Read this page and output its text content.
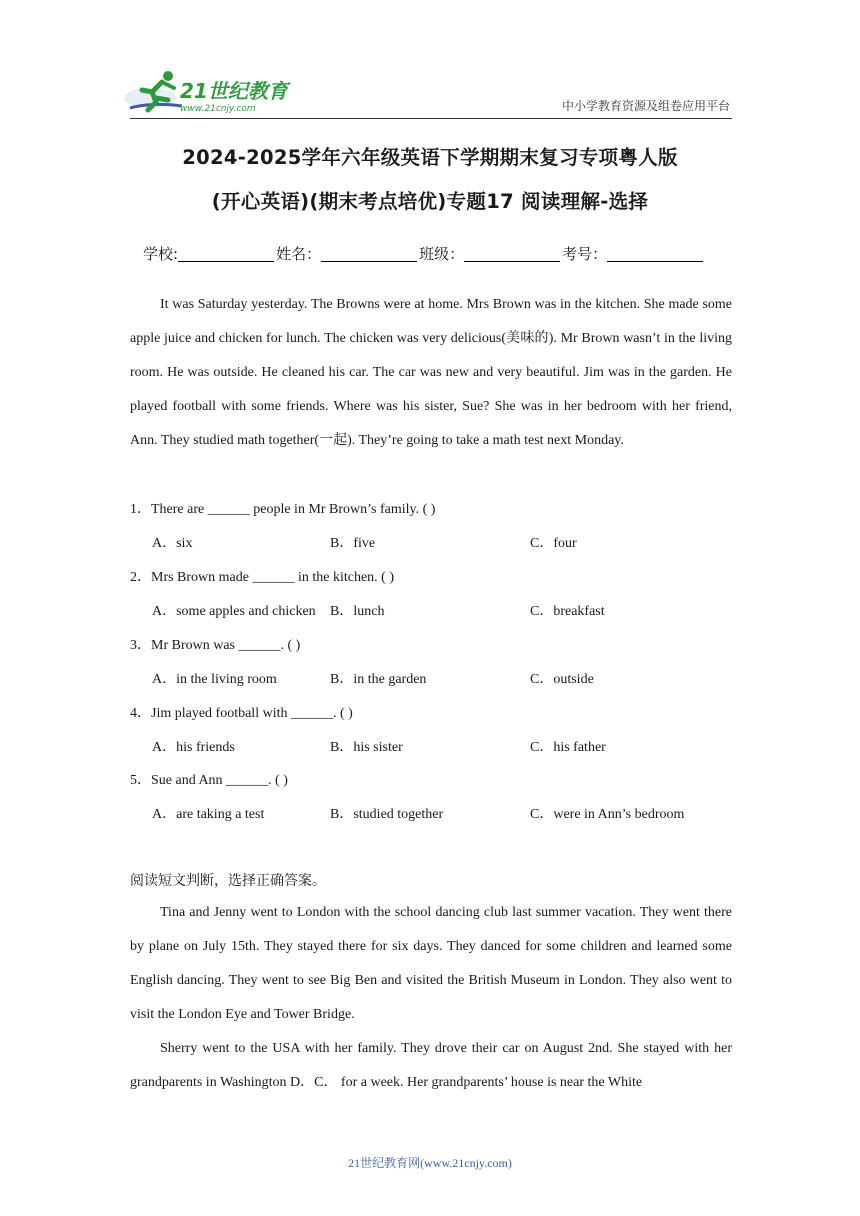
21世纪教育
www.21cnjy.com	中小学教育资源及组卷应用平台
2024-2025学年六年级英语下学期期末复习专项粤人版
(开心英语)(期末考点培优)专题17 阅读理解-选择
学校:	姓名：	班级：	考号：

It was Saturday yesterday. The Browns were at home. Mrs Brown was in the kitchen. She made some apple juice and chicken for lunch. The chicken was very delicious(美味的). Mr Brown wasn’t in the living room. He was outside. He cleaned his car. The car was new and very beautiful. Jim was in the garden. He played football with some friends. Where was his sister, Sue? She was in her bedroom with her friend, Ann. They studied math together(一起). They’re going to take a math test next Monday.

1．There are ______ people in Mr Brown’s family. ( )
A．six	B．five	C．four
2．Mrs Brown made ______ in the kitchen. ( )
A．some apples and chicken B．lunch	C．breakfast
3．Mr Brown was ______. ( )
A．in the living room	B．in the garden	C．outside
4．Jim played football with ______. ( )
A．his friends	B．his sister	C．his father
5．Sue and Ann ______. ( )
A．are taking a test	B．studied together	C．were in Ann’s bedroom
阅读短文判断，选择正确答案。

Tina and Jenny went to London with the school dancing club last summer vacation. They went there by plane on July 15th. They stayed there for six days. They danced for some children and learned some English dancing. They went to see Big Ben and visited the British Museum in London. They also went to visit the London Eye and Tower Bridge.

Sherry went to the USA with her family. They drove their car on August 2nd. She stayed with her grandparents in Washington D．C． for a week. Her grandparents’ house is near the White

21世纪教育网(www.21cnjy.com)
